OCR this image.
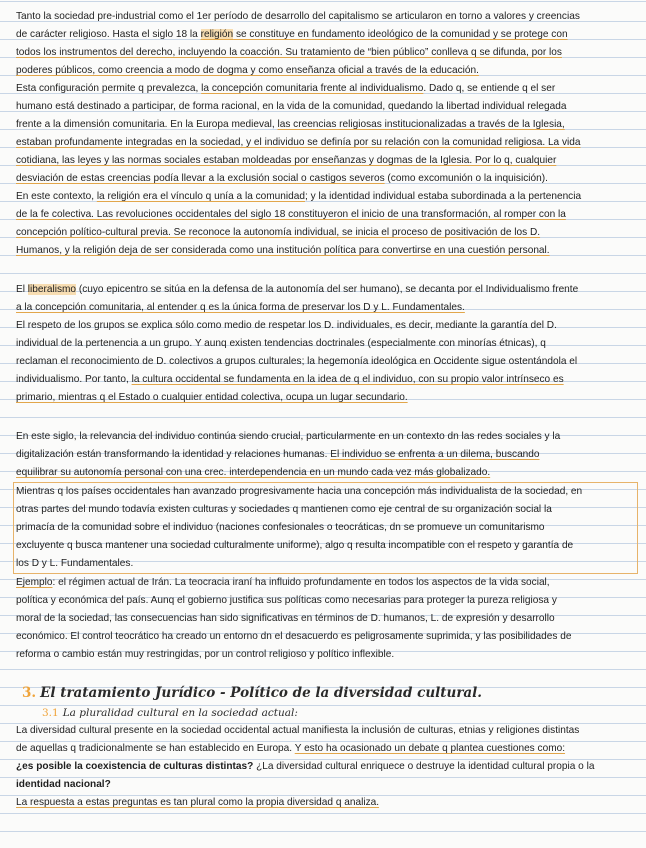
Tanto la sociedad pre-industrial como el 1er período de desarrollo del capitalismo se articularon en torno a valores y creencias
de carácter religioso. Hasta el siglo 18 la religión se constituye en fundamento ideológico de la comunidad y se protege con
todos los instrumentos del derecho, incluyendo la coacción. Su tratamiento de “bien público” conlleva q se difunda, por los
poderes públicos, como creencia a modo de dogma y como enseñanza oficial a través de la educación.
Esta configuración permite q prevalezca, la concepción comunitaria frente al individualismo. Dado q, se entiende q el ser
humano está destinado a participar, de forma racional, en la vida de la comunidad, quedando la libertad individual relegada
frente a la dimensión comunitaria. En la Europa medieval, las creencias religiosas institucionalizadas a través de la Iglesia,
estaban profundamente integradas en la sociedad, y el individuo se definía por su relación con la comunidad religiosa. La vida
cotidiana, las leyes y las normas sociales estaban moldeadas por enseñanzas y dogmas de la Iglesia. Por lo q, cualquier
desviación de estas creencias podía llevar a la exclusión social o castigos severos (como excomunión o la inquisición).
En este contexto, la religión era el vínculo q unía a la comunidad; y la identidad individual estaba subordinada a la pertenencia
de la fe colectiva. Las revoluciones occidentales del siglo 18 constituyeron el inicio de una transformación, al romper con la
concepción político-cultural previa. Se reconoce la autonomía individual, se inicia el proceso de positivación de los D.
Humanos, y la religión deja de ser considerada como una institución política para convertirse en una cuestión personal.
El liberalismo (cuyo epicentro se sitúa en la defensa de la autonomía del ser humano), se decanta por el Individualismo frente
a la concepción comunitaria, al entender q es la única forma de preservar los D y L. Fundamentales.
El respeto de los grupos se explica sólo como medio de respetar los D. individuales, es decir, mediante la garantía del D.
individual de la pertenencia a un grupo. Y aunq existen tendencias doctrinales (especialmente con minorías étnicas), q
reclaman el reconocimiento de D. colectivos a grupos culturales; la hegemonía ideológica en Occidente sigue ostentándola el
individualismo. Por tanto, la cultura occidental se fundamenta en la idea de q el individuo, con su propio valor intrínseco es
primario, mientras q el Estado o cualquier entidad colectiva, ocupa un lugar secundario.
En este siglo, la relevancia del individuo continúa siendo crucial, particularmente en un contexto dn las redes sociales y la
digitalización están transformando la identidad y relaciones humanas. El individuo se enfrenta a un dilema, buscando
equilibrar su autonomía personal con una crec. interdependencia en un mundo cada vez más globalizado.
Mientras q los países occidentales han avanzado progresivamente hacia una concepción más individualista de la sociedad, en
otras partes del mundo todavía existen culturas y sociedades q mantienen como eje central de su organización social la
primacía de la comunidad sobre el individuo (naciones confesionales o teocráticas, dn se promueve un comunitarismo
excluyente q busca mantener una sociedad culturalmente uniforme), algo q resulta incompatible con el respeto y garantía de
los D y L. Fundamentales.
Ejemplo: el régimen actual de Irán. La teocracia iraní ha influido profundamente en todos los aspectos de la vida social,
política y económica del país. Aunq el gobierno justifica sus políticas como necesarias para proteger la pureza religiosa y
moral de la sociedad, las consecuencias han sido significativas en términos de D. humanos, L. de expresión y desarrollo
económico. El control teocrático ha creado un entorno dn el desacuerdo es peligrosamente suprimida, y las posibilidades de
reforma o cambio están muy restringidas, por un control religioso y político inflexible.
3. El tratamiento Jurídico - Político de la diversidad cultural.
3.1 La pluralidad cultural en la sociedad actual:
La diversidad cultural presente en la sociedad occidental actual manifiesta la inclusión de culturas, etnias y religiones distintas
de aquellas q tradicionalmente se han establecido en Europa. Y esto ha ocasionado un debate q plantea cuestiones como:
¿es posible la coexistencia de culturas distintas? ¿La diversidad cultural enriquece o destruye la identidad cultural propia o la
identidad nacional?
La respuesta a estas preguntas es tan plural como la propia diversidad q analiza.
